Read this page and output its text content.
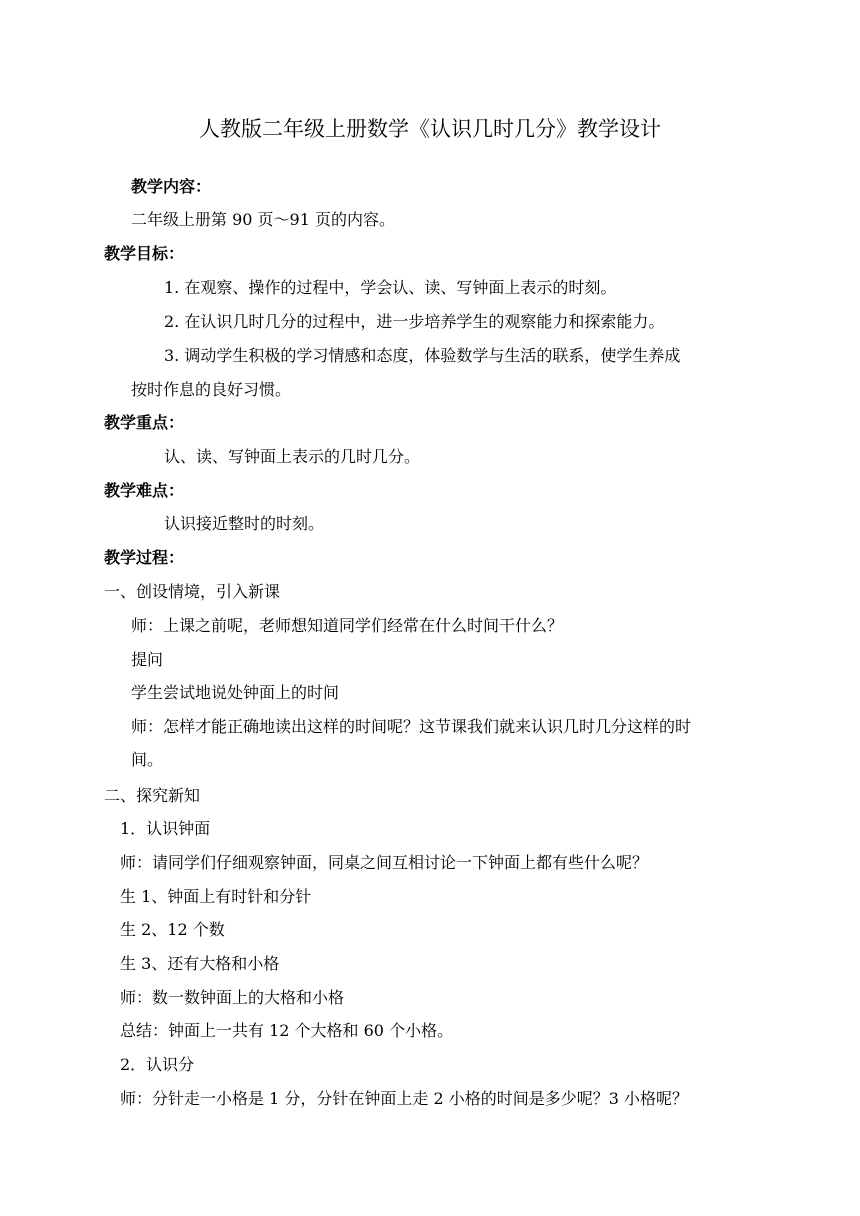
人教版二年级上册数学《认识几时几分》教学设计
教学内容：
二年级上册第 90 页～91 页的内容。
教学目标：
1. 在观察、操作的过程中，学会认、读、写钟面上表示的时刻。
2. 在认识几时几分的过程中，进一步培养学生的观察能力和探索能力。
3. 调动学生积极的学习情感和态度，体验数学与生活的联系，使学生养成
按时作息的良好习惯。
教学重点：
认、读、写钟面上表示的几时几分。
教学难点：
认识接近整时的时刻。
教学过程：
一、创设情境，引入新课
师：上课之前呢，老师想知道同学们经常在什么时间干什么？
提问
学生尝试地说处钟面上的时间
师：怎样才能正确地读出这样的时间呢？这节课我们就来认识几时几分这样的时
间。
二、探究新知
1．认识钟面
师：请同学们仔细观察钟面，同桌之间互相讨论一下钟面上都有些什么呢？
生 1、钟面上有时针和分针
生 2、12 个数
生 3、还有大格和小格
师：数一数钟面上的大格和小格
总结：钟面上一共有 12 个大格和 60 个小格。
2．认识分
师：分针走一小格是 1 分，分针在钟面上走 2 小格的时间是多少呢？3 小格呢？
